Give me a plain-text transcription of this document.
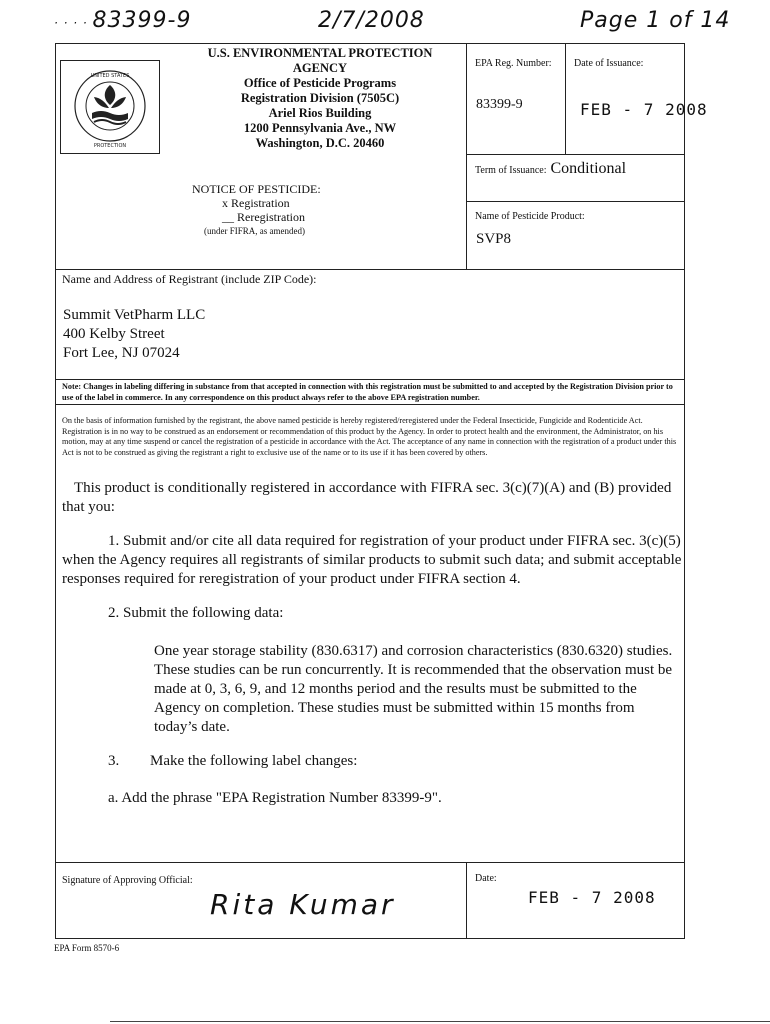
· · · · 83399-9	2/7/2008	Page 1 of 14
UNITED STATES
PROTECTION
U.S. ENVIRONMENTAL PROTECTION
AGENCY
Office of Pesticide Programs
Registration Division (7505C)
Ariel Rios Building
1200 Pennsylvania Ave., NW
Washington, D.C. 20460
NOTICE OF PESTICIDE:
x Registration
__ Reregistration
(under FIFRA, as amended)
EPA Reg. Number:
83399-9
Date of Issuance:
FEB - 7 2008
Term of Issuance: Conditional
Name of Pesticide Product:
SVP8
Name and Address of Registrant (include ZIP Code):
Summit VetPharm LLC
400 Kelby Street
Fort Lee, NJ 07024
Note: Changes in labeling differing in substance from that accepted in connection with this registration must be submitted to and accepted by the Registration Division prior to use of the label in commerce. In any correspondence on this product always refer to the above EPA registration number.
On the basis of information furnished by the registrant, the above named pesticide is hereby registered/reregistered under the Federal Insecticide, Fungicide and Rodenticide Act. Registration is in no way to be construed as an endorsement or recommendation of this product by the Agency. In order to protect health and the environment, the Administrator, on his motion, may at any time suspend or cancel the registration of a pesticide in accordance with the Act. The acceptance of any name in connection with the registration of a product under this Act is not to be construed as giving the registrant a right to exclusive use of the name or to its use if it has been covered by others.
This product is conditionally registered in accordance with FIFRA sec. 3(c)(7)(A) and (B) provided that you:
1. Submit and/or cite all data required for registration of your product under FIFRA sec. 3(c)(5) when the Agency requires all registrants of similar products to submit such data; and submit acceptable responses required for reregistration of your product under FIFRA section 4.
2. Submit the following data:
One year storage stability (830.6317) and corrosion characteristics (830.6320) studies. These studies can be run concurrently. It is recommended that the observation must be made at 0, 3, 6, 9, and 12 months period and the results must be submitted to the Agency on completion. These studies must be submitted within 15 months from today’s date.
3. Make the following label changes:
a. Add the phrase "EPA Registration Number 83399-9".
Signature of Approving Official:
Rita Kumar
Date:
FEB - 7 2008
EPA Form 8570-6
